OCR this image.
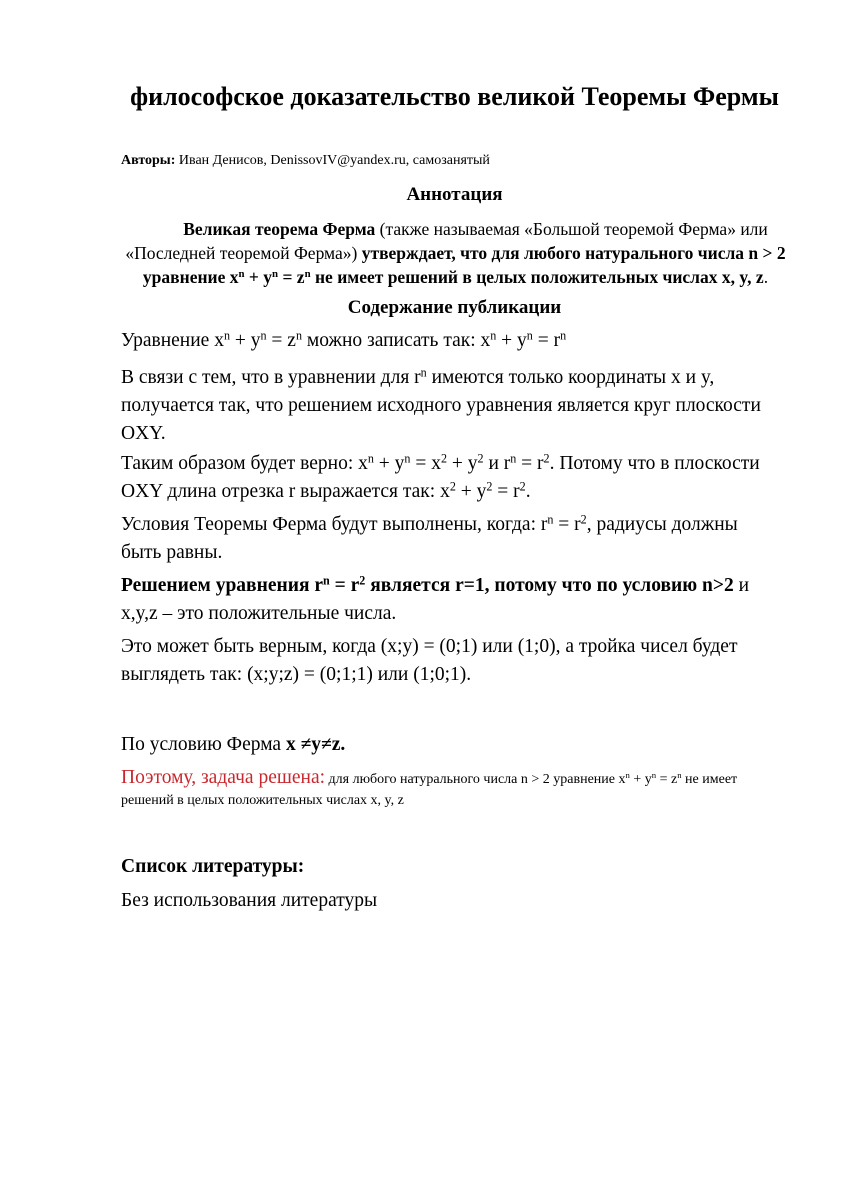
философское доказательство великой Теоремы Фермы
Авторы: Иван Денисов, DenissovIV@yandex.ru, самозанятый
Аннотация
Великая теорема Ферма (также называемая «Большой теоремой Ферма» или
«Последней теоремой Ферма») утверждает, что для любого натурального числа n > 2
уравнение $x^n + y^n = z^n$ не имеет решений в целых положительных числах x, y, z.
Содержание публикации
Уравнение $x^n + y^n = z^n$ можно записать так: $x^n + y^n = r^n$
В связи с тем, что в уравнении для $r^n$ имеются только координаты x и y,
получается так, что решением исходного уравнения является круг плоскости
OXY.
Таким образом будет верно: $x^n + y^n = x^2 + y^2$ и $r^n = r^2$. Потому что в плоскости
OXY длина отрезка r выражается так: $x^2 + y^2 = r^2$.
Условия Теоремы Ферма будут выполнены, когда: $r^n = r^2$, радиусы должны
быть равны.
Решением уравнения $r^n = r^2$ является r=1, потому что по условию n>2 и
x,y,z – это положительные числа.
Это может быть верным, когда (x;y) = (0;1) или (1;0), а тройка чисел будет
выглядеть так: (x;y;z) = (0;1;1) или (1;0;1).
По условию Ферма x ≠y≠z.
Поэтому, задача решена: для любого натурального числа n > 2 уравнение $x^n + y^n = z^n$ не имеет
решений в целых положительных числах x, y, z
Список литературы:
Без использования литературы
